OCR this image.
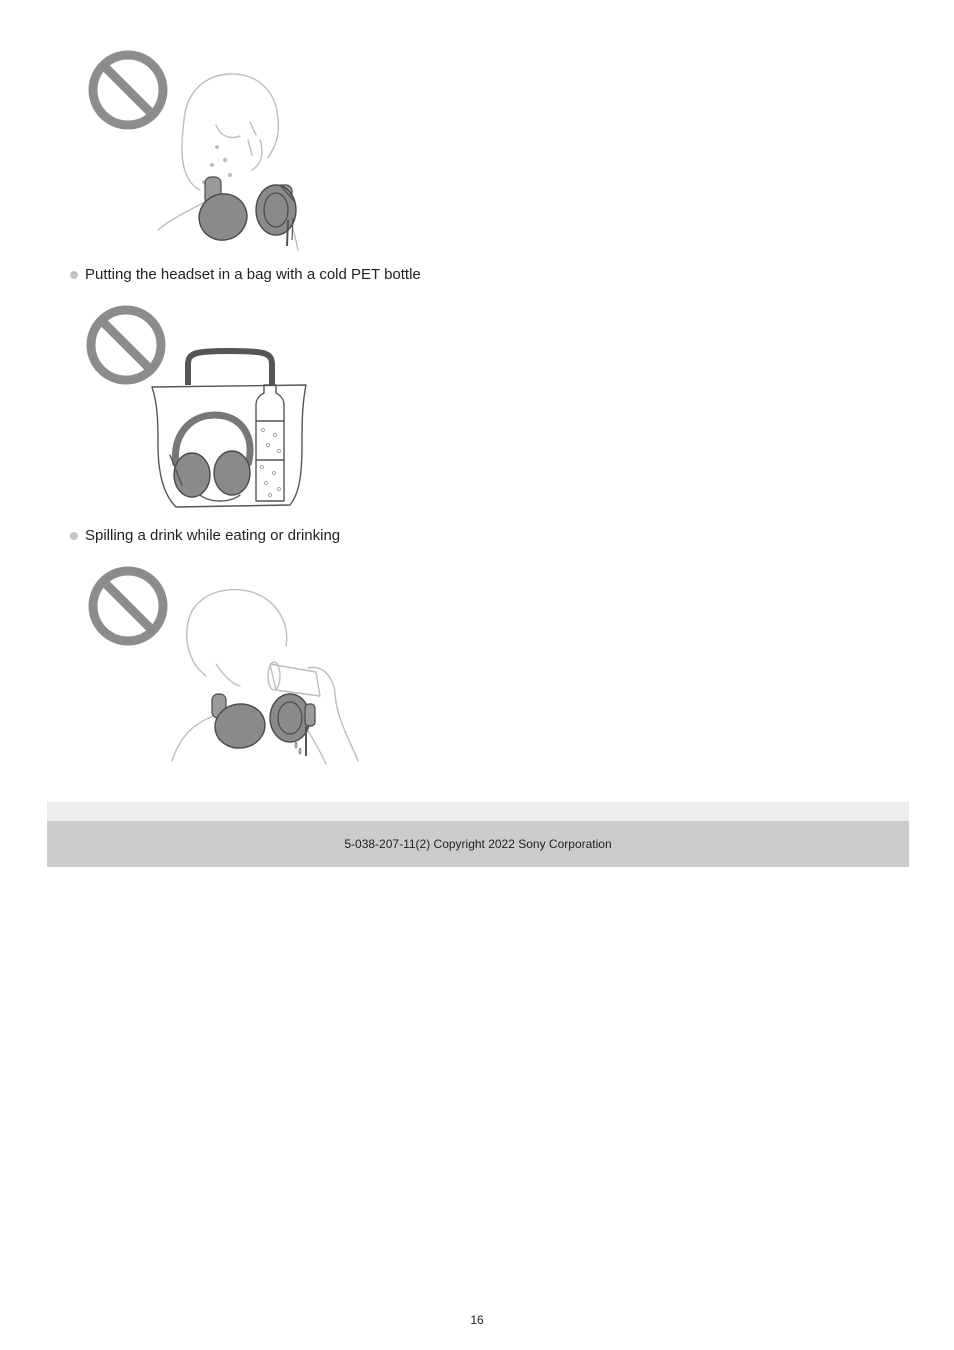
Putting the headset in a bag with a cold PET bottle
Spilling a drink while eating or drinking
5-038-207-11(2) Copyright 2022 Sony Corporation
16
